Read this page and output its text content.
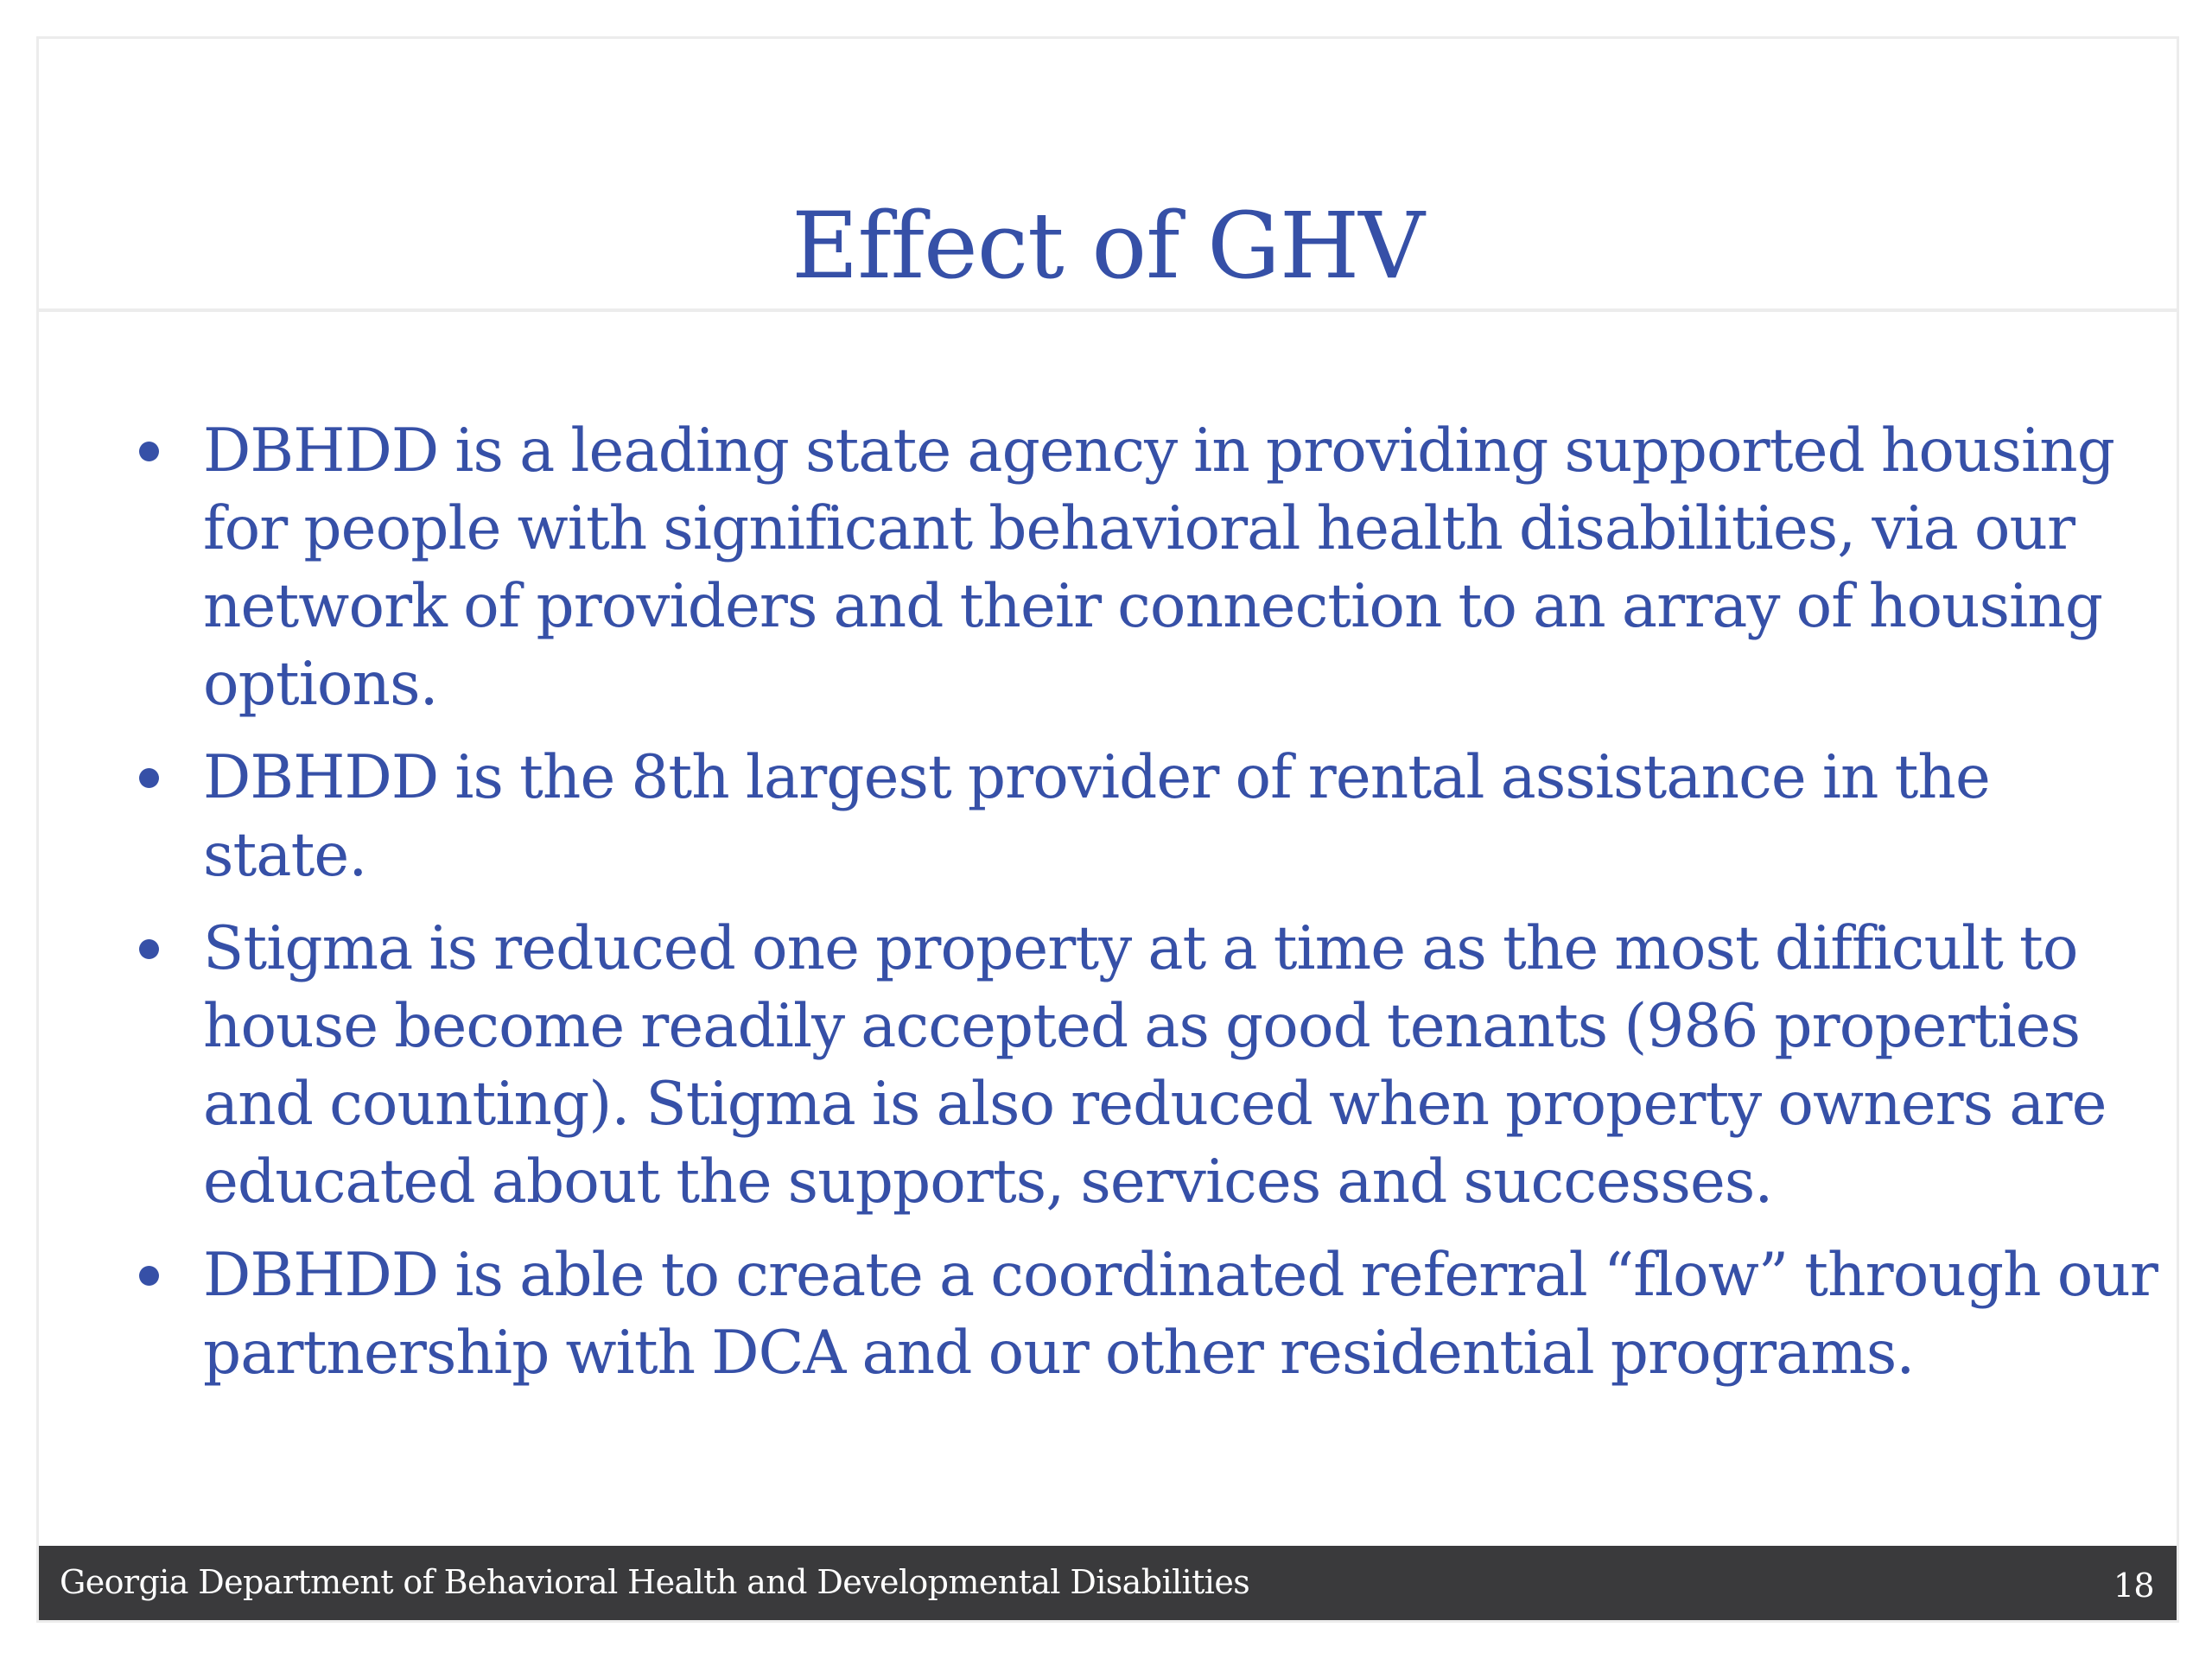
Effect of GHV
DBHDD is a leading state agency in providing supported housing for people with significant behavioral health disabilities, via our network of providers and their connection to an array of housing options.
DBHDD is the 8th largest provider of rental assistance in the state.
Stigma is reduced one property at a time as the most difficult to house become readily accepted as good tenants (986 properties and counting). Stigma is also reduced when property owners are educated about the supports, services and successes.
DBHDD is able to create a coordinated referral “flow” through our partnership with DCA and our other residential programs.
Georgia Department of Behavioral Health and Developmental Disabilities	18
